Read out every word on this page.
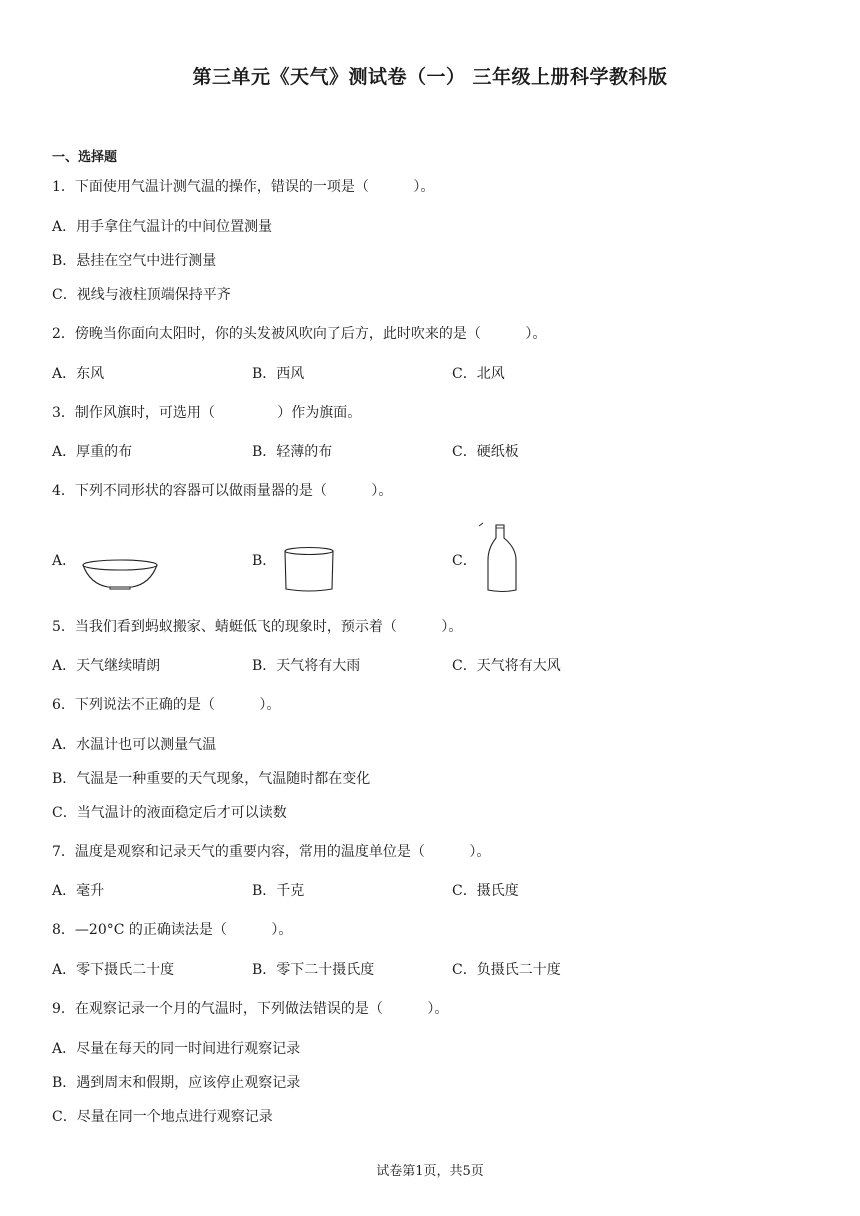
第三单元《天气》测试卷（一） 三年级上册科学教科版
一、选择题
1．下面使用气温计测气温的操作，错误的一项是（          ）。
A．用手拿住气温计的中间位置测量
B．悬挂在空气中进行测量
C．视线与液柱顶端保持平齐
2．傍晚当你面向太阳时，你的头发被风吹向了后方，此时吹来的是（          ）。
A．东风	B．西风	C．北风
3．制作风旗时，可选用（              ）作为旗面。
A．厚重的布	B．轻薄的布	C．硬纸板
4．下列不同形状的容器可以做雨量器的是（          ）。
A．	B．	C．
5．当我们看到蚂蚁搬家、蜻蜓低飞的现象时，预示着（          ）。
A．天气继续晴朗	B．天气将有大雨	C．天气将有大风
6．下列说法不正确的是（          ）。
A．水温计也可以测量气温
B．气温是一种重要的天气现象，气温随时都在变化
C．当气温计的液面稳定后才可以读数
7．温度是观察和记录天气的重要内容，常用的温度单位是（          ）。
A．毫升	B．千克	C．摄氏度
8．—20°C 的正确读法是（          ）。
A．零下摄氏二十度	B．零下二十摄氏度	C．负摄氏二十度
9．在观察记录一个月的气温时，下列做法错误的是（          ）。
A．尽量在每天的同一时间进行观察记录
B．遇到周末和假期，应该停止观察记录
C．尽量在同一个地点进行观察记录
试卷第1页，共5页
